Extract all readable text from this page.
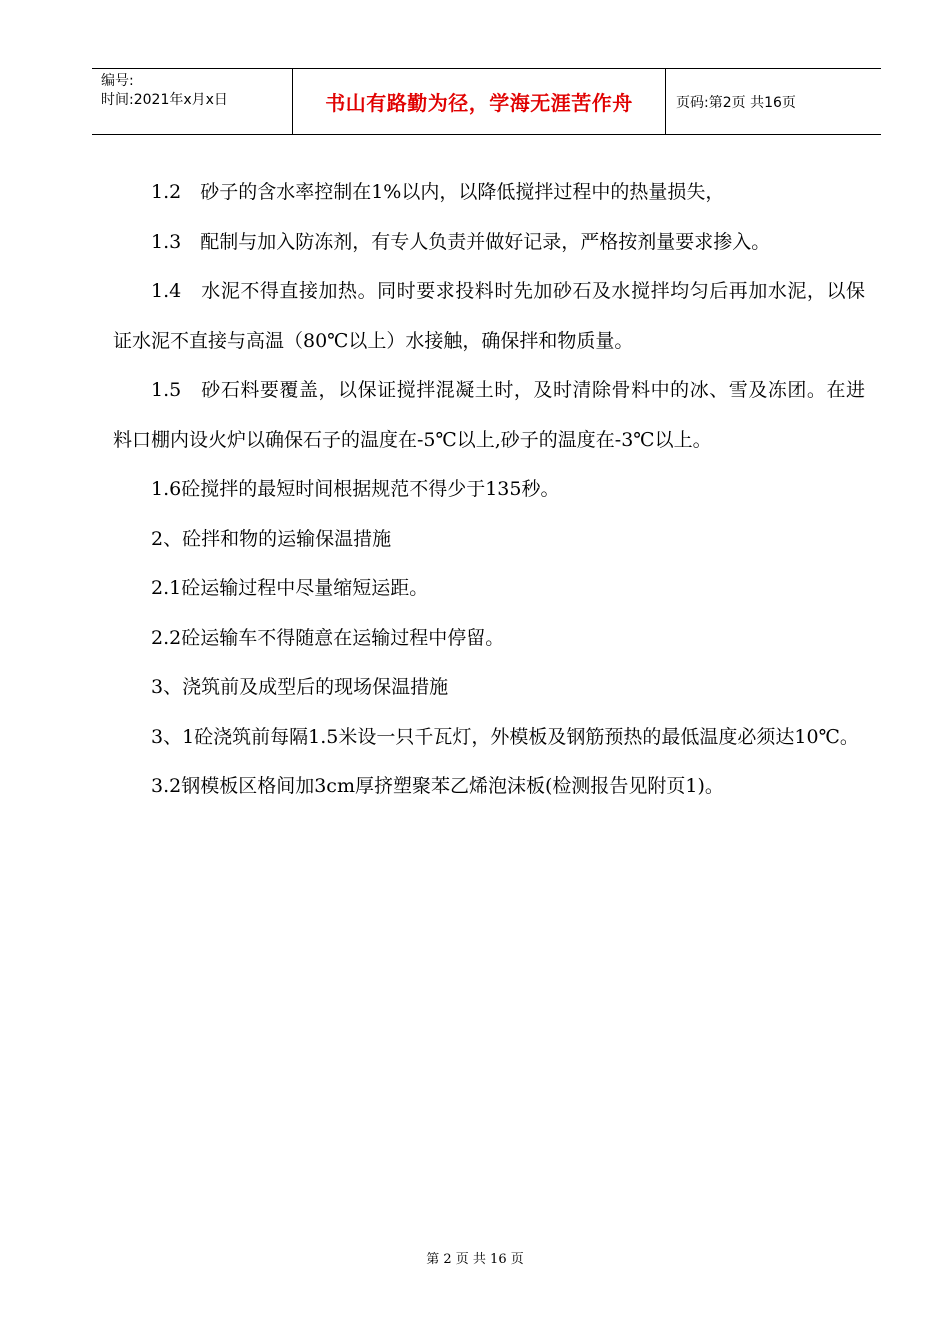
编号:
时间:2021年x月x日	书山有路勤为径，学海无涯苦作舟	页码:第2页 共16页

1.2　砂子的含水率控制在1%以内，以降低搅拌过程中的热量损失，

1.3　配制与加入防冻剂，有专人负责并做好记录，严格按剂量要求掺入。

1.4　水泥不得直接加热。同时要求投料时先加砂石及水搅拌均匀后再加水泥，以保证水泥不直接与高温（80℃以上）水接触，确保拌和物质量。

1.5　砂石料要覆盖，以保证搅拌混凝土时，及时清除骨料中的冰、雪及冻团。在进料口棚内设火炉以确保石子的温度在-5℃以上,砂子的温度在-3℃以上。

1.6砼搅拌的最短时间根据规范不得少于135秒。

2、砼拌和物的运输保温措施

2.1砼运输过程中尽量缩短运距。

2.2砼运输车不得随意在运输过程中停留。

3、浇筑前及成型后的现场保温措施

3、1砼浇筑前每隔1.5米设一只千瓦灯，外模板及钢筋预热的最低温度必须达10℃。

3.2钢模板区格间加3cm厚挤塑聚苯乙烯泡沫板(检测报告见附页1)。

第 2 页 共 16 页
